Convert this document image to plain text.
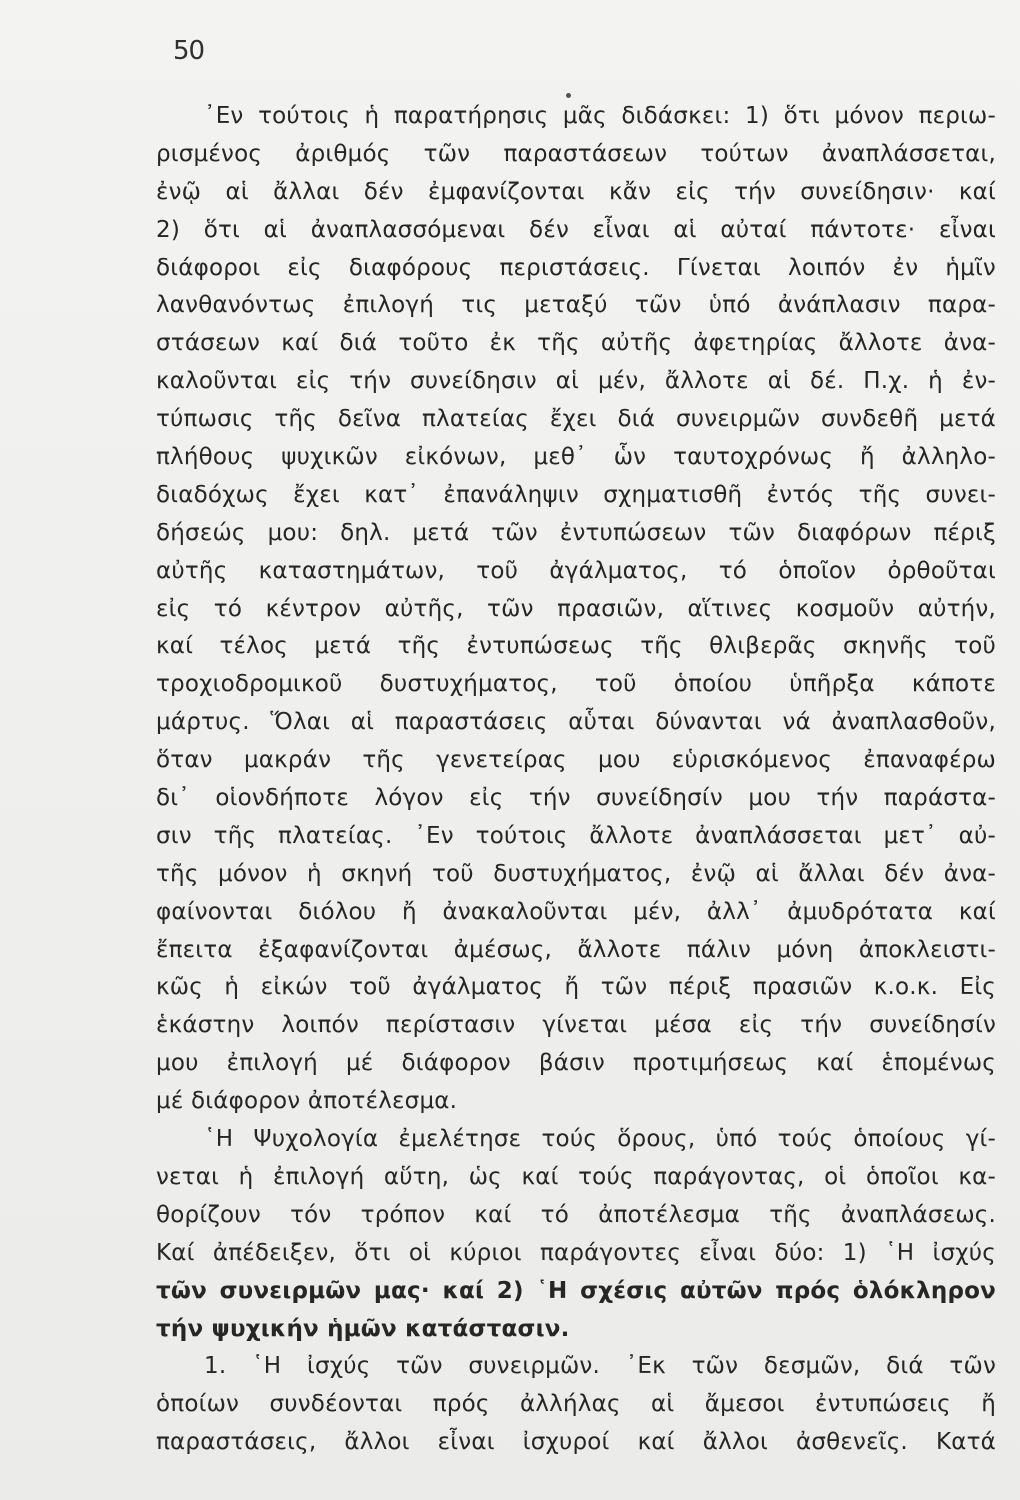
50
᾿Εν τούτοις ἡ παρατήρησις μᾶς διδάσκει: 1) ὅτι μόνον περιω-
ρισμένος ἀριθμός τῶν παραστάσεων τούτων ἀναπλάσσεται,
ἐνῷ αἱ ἄλλαι δέν ἐμφανίζονται κἄν εἰς τήν συνείδησιν· καί
2) ὅτι αἱ ἀναπλασσόμεναι δέν εἶναι αἱ αὐταί πάντοτε· εἶναι
διάφοροι εἰς διαφόρους περιστάσεις. Γίνεται λοιπόν ἐν ἡμῖν
λανθανόντως ἐπιλογή τις μεταξύ τῶν ὑπό ἀνάπλασιν παρα-
στάσεων καί διά τοῦτο ἐκ τῆς αὐτῆς ἀφετηρίας ἄλλοτε ἀνα-
καλοῦνται εἰς τήν συνείδησιν αἱ μέν, ἄλλοτε αἱ δέ. Π.χ. ἡ ἐν-
τύπωσις τῆς δεῖνα πλατείας ἔχει διά συνειρμῶν συνδεθῆ μετά
πλήθους ψυχικῶν εἰκόνων, μεθ᾿ ὧν ταυτοχρόνως ἤ ἀλληλο-
διαδόχως ἔχει κατ᾿ ἐπανάληψιν σχηματισθῆ ἐντός τῆς συνει-
δήσεώς μου: δηλ. μετά τῶν ἐντυπώσεων τῶν διαφόρων πέριξ
αὐτῆς καταστημάτων, τοῦ ἀγάλματος, τό ὁποῖον ὀρθοῦται
εἰς τό κέντρον αὐτῆς, τῶν πρασιῶν, αἵτινες κοσμοῦν αὐτήν,
καί τέλος μετά τῆς ἐντυπώσεως τῆς θλιβερᾶς σκηνῆς τοῦ
τροχιοδρομικοῦ δυστυχήματος, τοῦ ὁποίου ὑπῆρξα κάποτε
μάρτυς. Ὅλαι αἱ παραστάσεις αὗται δύνανται νά ἀναπλασθοῦν,
ὅταν μακράν τῆς γενετείρας μου εὑρισκόμενος ἐπαναφέρω
δι᾿ οἱονδήποτε λόγον εἰς τήν συνείδησίν μου τήν παράστα-
σιν τῆς πλατείας. ᾿Εν τούτοις ἄλλοτε ἀναπλάσσεται μετ᾿ αὐ-
τῆς μόνον ἡ σκηνή τοῦ δυστυχήματος, ἐνῷ αἱ ἄλλαι δέν ἀνα-
φαίνονται διόλου ἤ ἀνακαλοῦνται μέν, ἀλλ᾿ ἀμυδρότατα καί
ἔπειτα ἐξαφανίζονται ἀμέσως, ἄλλοτε πάλιν μόνη ἀποκλειστι-
κῶς ἡ εἰκών τοῦ ἀγάλματος ἤ τῶν πέριξ πρασιῶν κ.ο.κ. Εἰς
ἑκάστην λοιπόν περίστασιν γίνεται μέσα εἰς τήν συνείδησίν
μου ἐπιλογή μέ διάφορον βάσιν προτιμήσεως καί ἑπομένως
μέ διάφορον ἀποτέλεσμα.
῾Η Ψυχολογία ἐμελέτησε τούς ὅρους, ὑπό τούς ὁποίους γί-
νεται ἡ ἐπιλογή αὕτη, ὡς καί τούς παράγοντας, οἱ ὁποῖοι κα-
θορίζουν τόν τρόπον καί τό ἀποτέλεσμα τῆς ἀναπλάσεως.
Καί ἀπέδειξεν, ὅτι οἱ κύριοι παράγοντες εἶναι δύο: 1) ῾Η ἰσχύς
τῶν συνειρμῶν μας· καί 2) ῾Η σχέσις αὐτῶν πρός ὁλόκληρον
τήν ψυχικήν ἡμῶν κατάστασιν.
1. ῾Η ἰσχύς τῶν συνειρμῶν. ᾿Εκ τῶν δεσμῶν, διά τῶν
ὁποίων συνδέονται πρός ἀλλήλας αἱ ἄμεσοι ἐντυπώσεις ἤ
παραστάσεις, ἄλλοι εἶναι ἰσχυροί καί ἄλλοι ἀσθενεῖς. Κατά
